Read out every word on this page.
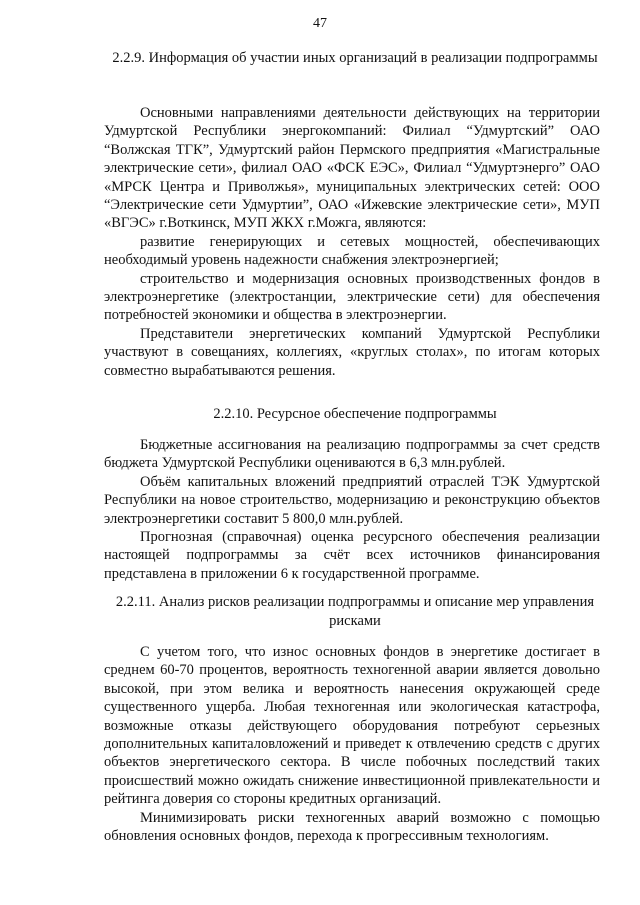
47
2.2.9. Информация об участии иных организаций в реализации подпрограммы

Основными направлениями деятельности действующих на территории Удмуртской Республики энергокомпаний: Филиал “Удмуртский” ОАО “Волжская ТГК”, Удмуртский район Пермского предприятия «Магистральные электрические сети», филиал ОАО «ФСК ЕЭС», Филиал “Удмуртэнерго” ОАО «МРСК Центра и Приволжья», муниципальных электрических сетей: ООО “Электрические сети Удмуртии”, ОАО «Ижевские электрические сети», МУП «ВГЭС» г.Воткинск, МУП ЖКХ г.Можга, являются:

развитие генерирующих и сетевых мощностей, обеспечивающих необходимый уровень надежности снабжения электроэнергией;

строительство и модернизация основных производственных фондов в электроэнергетике (электростанции, электрические сети) для обеспечения потребностей экономики и общества в электроэнергии.

Представители энергетических компаний Удмуртской Республики участвуют в совещаниях, коллегиях, «круглых столах», по итогам которых совместно вырабатываются решения.

2.2.10. Ресурсное обеспечение подпрограммы

Бюджетные ассигнования на реализацию подпрограммы за счет средств бюджета Удмуртской Республики оцениваются в 6,3 млн.рублей.

Объём капитальных вложений предприятий отраслей ТЭК Удмуртской Республики на новое строительство, модернизацию и реконструкцию объектов электроэнергетики составит 5 800,0 млн.рублей.

Прогнозная (справочная) оценка ресурсного обеспечения реализации настоящей подпрограммы за счёт всех источников финансирования представлена в приложении 6 к государственной программе.

2.2.11. Анализ рисков реализации подпрограммы и описание мер управления рисками

С учетом того, что износ основных фондов в энергетике достигает в среднем 60-70 процентов, вероятность техногенной аварии является довольно высокой, при этом велика и вероятность нанесения окружающей среде существенного ущерба. Любая техногенная или экологическая катастрофа, возможные отказы действующего оборудования потребуют серьезных дополнительных капиталовложений и приведет к отвлечению средств с других объектов энергетического сектора. В числе побочных последствий таких происшествий можно ожидать снижение инвестиционной привлекательности и рейтинга доверия со стороны кредитных организаций.

Минимизировать риски техногенных аварий возможно с помощью обновления основных фондов, перехода к прогрессивным технологиям.
